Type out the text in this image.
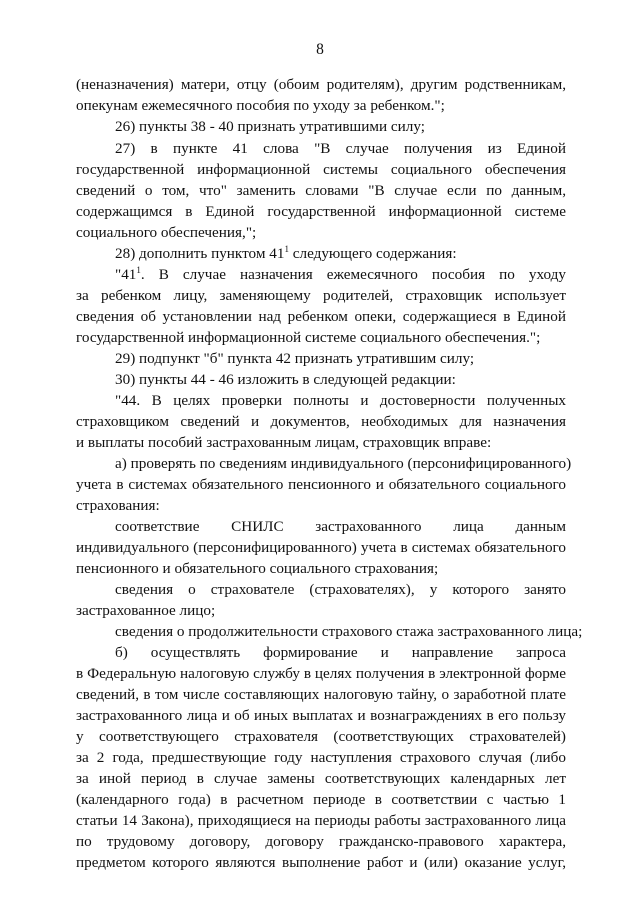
8
(неназначения) матери, отцу (обоим родителям), другим родственникам,
опекунам ежемесячного пособия по уходу за ребенком.";
26) пункты 38 - 40 признать утратившими силу;
27) в пункте 41 слова "В случае получения из Единой
государственной информационной системы социального обеспечения
сведений о том, что" заменить словами "В случае если по данным,
содержащимся в Единой государственной информационной системе
социального обеспечения,";
28) дополнить пунктом $41^1$ следующего содержания:
"$41^1$. В случае назначения ежемесячного пособия по уходу
за ребенком лицу, заменяющему родителей, страховщик использует
сведения об установлении над ребенком опеки, содержащиеся в Единой
государственной информационной системе социального обеспечения.";
29) подпункт "б" пункта 42 признать утратившим силу;
30) пункты 44 - 46 изложить в следующей редакции:
"44. В целях проверки полноты и достоверности полученных
страховщиком сведений и документов, необходимых для назначения
и выплаты пособий застрахованным лицам, страховщик вправе:
а) проверять по сведениям индивидуального (персонифицированного)
учета в системах обязательного пенсионного и обязательного социального
страхования:
соответствие СНИЛС застрахованного лица данным
индивидуального (персонифицированного) учета в системах обязательного
пенсионного и обязательного социального страхования;
сведения о страхователе (страхователях), у которого занято
застрахованное лицо;
сведения о продолжительности страхового стажа застрахованного лица;
б) осуществлять формирование и направление запроса
в Федеральную налоговую службу в целях получения в электронной форме
сведений, в том числе составляющих налоговую тайну, о заработной плате
застрахованного лица и об иных выплатах и вознаграждениях в его пользу
у соответствующего страхователя (соответствующих страхователей)
за 2 года, предшествующие году наступления страхового случая (либо
за иной период в случае замены соответствующих календарных лет
(календарного года) в расчетном периоде в соответствии с частью 1
статьи 14 Закона), приходящиеся на периоды работы застрахованного лица
по трудовому договору, договору гражданско-правового характера,
предметом которого являются выполнение работ и (или) оказание услуг,
